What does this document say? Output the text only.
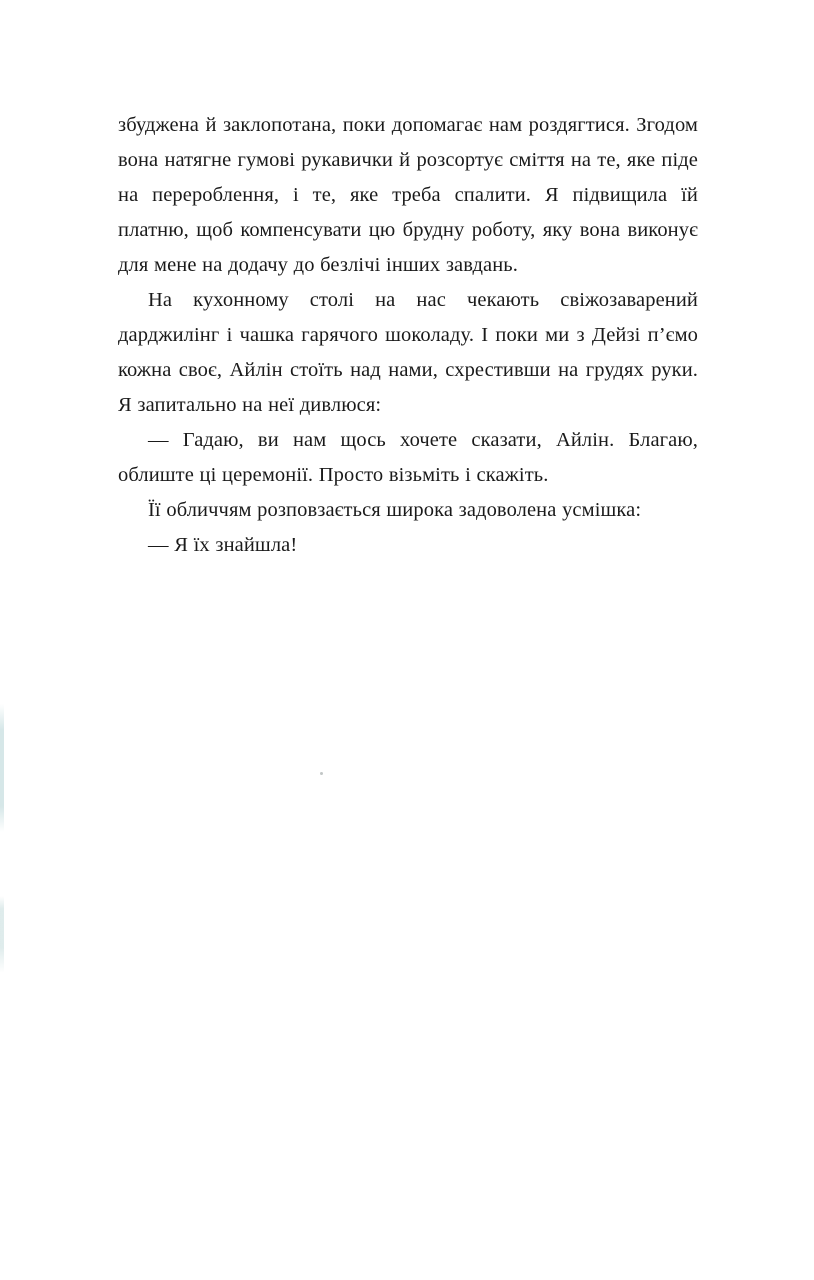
збуджена й заклопотана, поки допомагає нам роздягтися. Згодом вона натягне гумові рукавички й розсортує сміття на те, яке піде на перероблення, і те, яке треба спалити. Я підвищила їй платню, щоб компенсувати цю брудну роботу, яку вона виконує для мене на додачу до безлічі інших завдань.

На кухонному столі на нас чекають свіжозаварений дарджилінг і чашка гарячого шоколаду. І поки ми з Дейзі п’ємо кожна своє, Айлін стоїть над нами, схрестивши на грудях руки. Я запитально на неї дивлюся:

— Гадаю, ви нам щось хочете сказати, Айлін. Благаю, облиште ці церемонії. Просто візьміть і скажіть.

Її обличчям розповзається широка задоволена усмішка:

— Я їх знайшла!
